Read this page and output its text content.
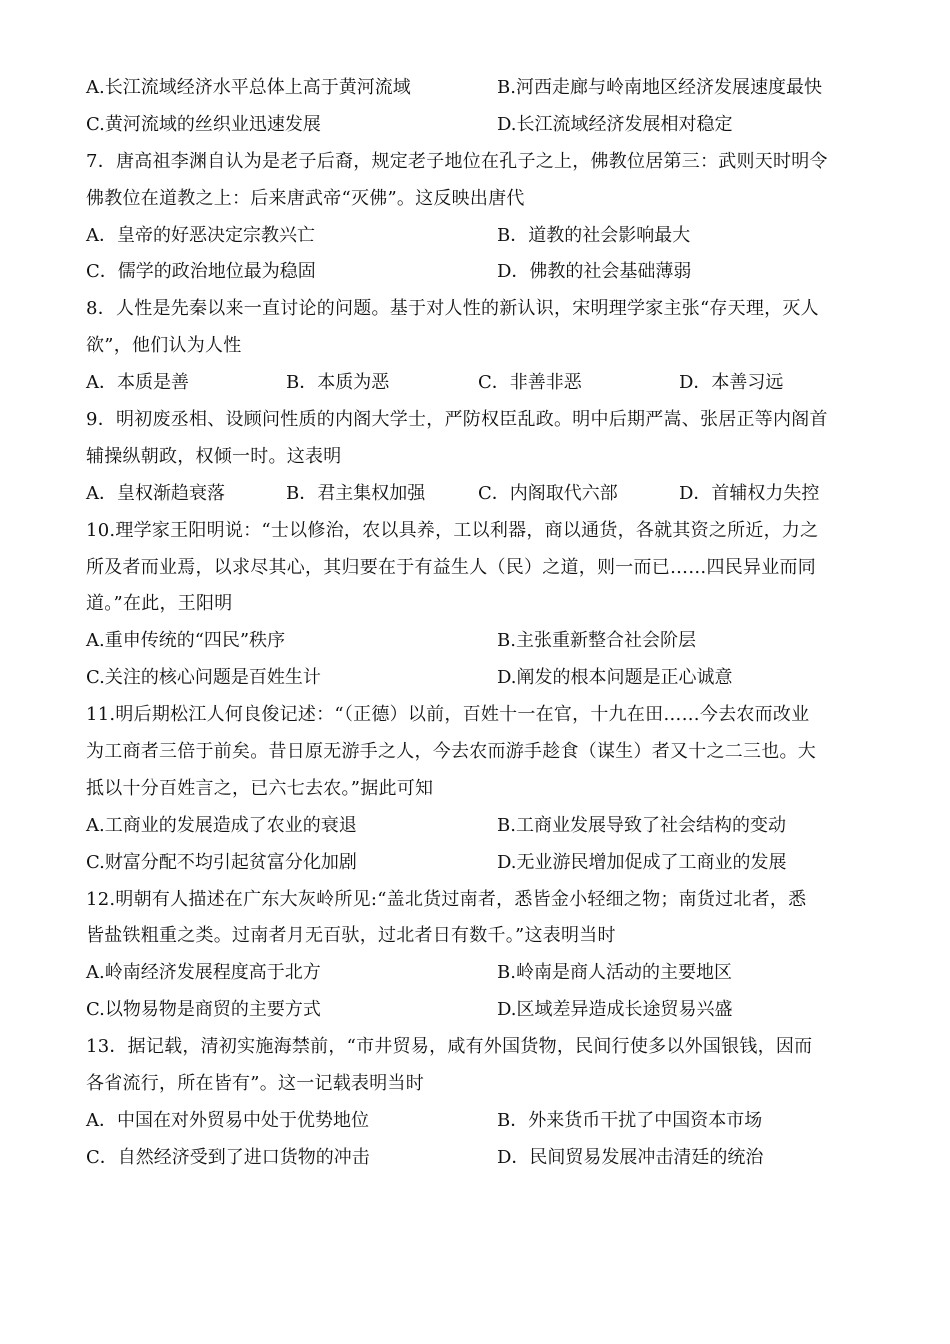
A.长江流域经济水平总体上高于黄河流域	B.河西走廊与岭南地区经济发展速度最快
C.黄河流域的丝织业迅速发展	D.长江流域经济发展相对稳定
7．唐高祖李渊自认为是老子后裔，规定老子地位在孔子之上，佛教位居第三：武则天时明令
佛教位在道教之上：后来唐武帝“灭佛”。这反映出唐代
A．皇帝的好恶决定宗教兴亡	B．道教的社会影响最大
C．儒学的政治地位最为稳固	D．佛教的社会基础薄弱
8．人性是先秦以来一直讨论的问题。基于对人性的新认识，宋明理学家主张“存天理，灭人
欲”，他们认为人性
A．本质是善	B．本质为恶	C．非善非恶	D．本善习远
9．明初废丞相、设顾问性质的内阁大学士，严防权臣乱政。明中后期严嵩、张居正等内阁首
辅操纵朝政，权倾一时。这表明
A．皇权渐趋衰落	B．君主集权加强	C．内阁取代六部	D．首辅权力失控
10.理学家王阳明说：“士以修治，农以具养，工以利器，商以通货，各就其资之所近，力之
所及者而业焉，以求尽其心，其归要在于有益生人（民）之道，则一而已……四民异业而同
道。”在此，王阳明
A.重申传统的“四民”秩序	B.主张重新整合社会阶层
C.关注的核心问题是百姓生计	D.阐发的根本问题是正心诚意
11.明后期松江人何良俊记述：“（正德）以前，百姓十一在官，十九在田……今去农而改业
为工商者三倍于前矣。昔日原无游手之人，今去农而游手趁食（谋生）者又十之二三也。大
抵以十分百姓言之，已六七去农。”据此可知
A.工商业的发展造成了农业的衰退	B.工商业发展导致了社会结构的变动
C.财富分配不均引起贫富分化加剧	D.无业游民增加促成了工商业的发展
12.明朝有人描述在广东大灰岭所见:“盖北货过南者，悉皆金小轻细之物；南货过北者，悉
皆盐铁粗重之类。过南者月无百驮，过北者日有数千。”这表明当时
A.岭南经济发展程度高于北方	B.岭南是商人活动的主要地区
C.以物易物是商贸的主要方式	D.区域差异造成长途贸易兴盛
13．据记载，清初实施海禁前，“市井贸易，咸有外国货物，民间行使多以外国银钱，因而
各省流行，所在皆有”。这一记载表明当时
A．中国在对外贸易中处于优势地位	B．外来货币干扰了中国资本市场
C．自然经济受到了进口货物的冲击	D．民间贸易发展冲击清廷的统治
